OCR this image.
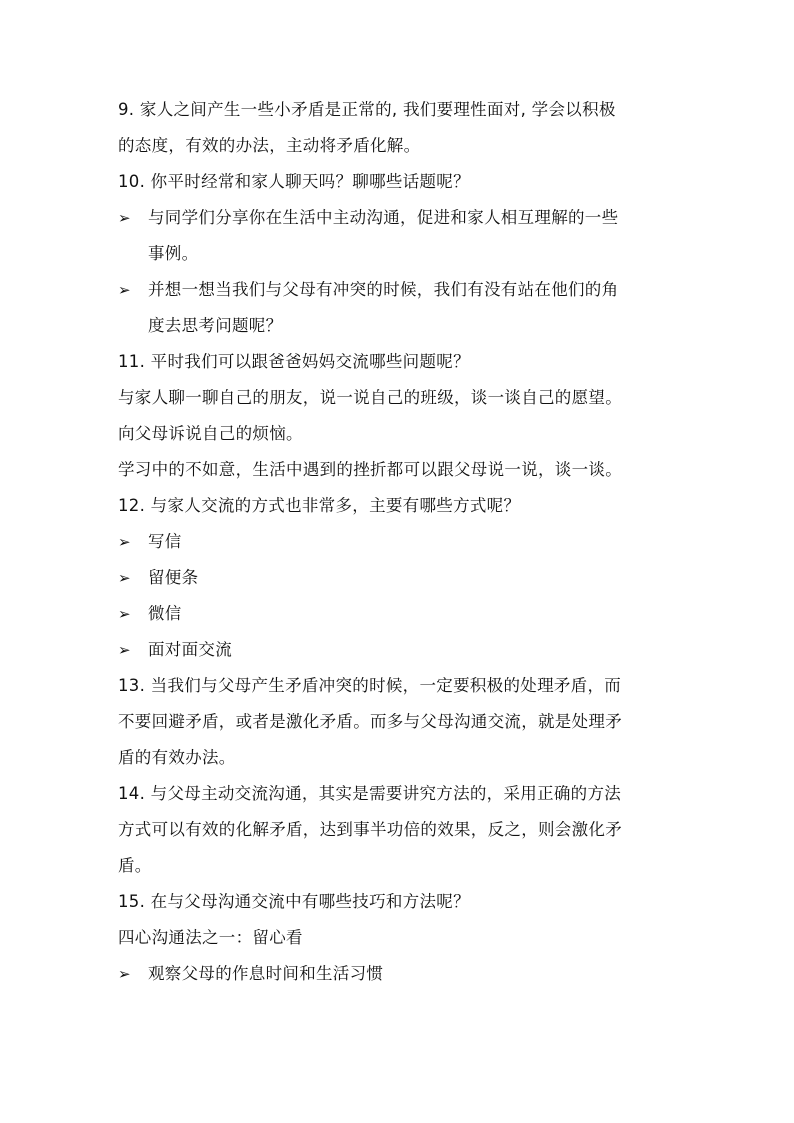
9. 家人之间产生一些小矛盾是正常的, 我们要理性面对, 学会以积极
的态度，有效的办法，主动将矛盾化解。
10. 你平时经常和家人聊天吗？聊哪些话题呢？
➢	与同学们分享你在生活中主动沟通，促进和家人相互理解的一些
事例。
➢	并想一想当我们与父母有冲突的时候，我们有没有站在他们的角
度去思考问题呢？
11. 平时我们可以跟爸爸妈妈交流哪些问题呢？
与家人聊一聊自己的朋友，说一说自己的班级，谈一谈自己的愿望。
向父母诉说自己的烦恼。
学习中的不如意，生活中遇到的挫折都可以跟父母说一说，谈一谈。
12. 与家人交流的方式也非常多，主要有哪些方式呢？
➢	写信
➢	留便条
➢	微信
➢	面对面交流
13. 当我们与父母产生矛盾冲突的时候，一定要积极的处理矛盾，而
不要回避矛盾，或者是激化矛盾。而多与父母沟通交流，就是处理矛
盾的有效办法。
14. 与父母主动交流沟通，其实是需要讲究方法的，采用正确的方法
方式可以有效的化解矛盾，达到事半功倍的效果，反之，则会激化矛
盾。
15. 在与父母沟通交流中有哪些技巧和方法呢？
四心沟通法之一：留心看
➢	观察父母的作息时间和生活习惯
